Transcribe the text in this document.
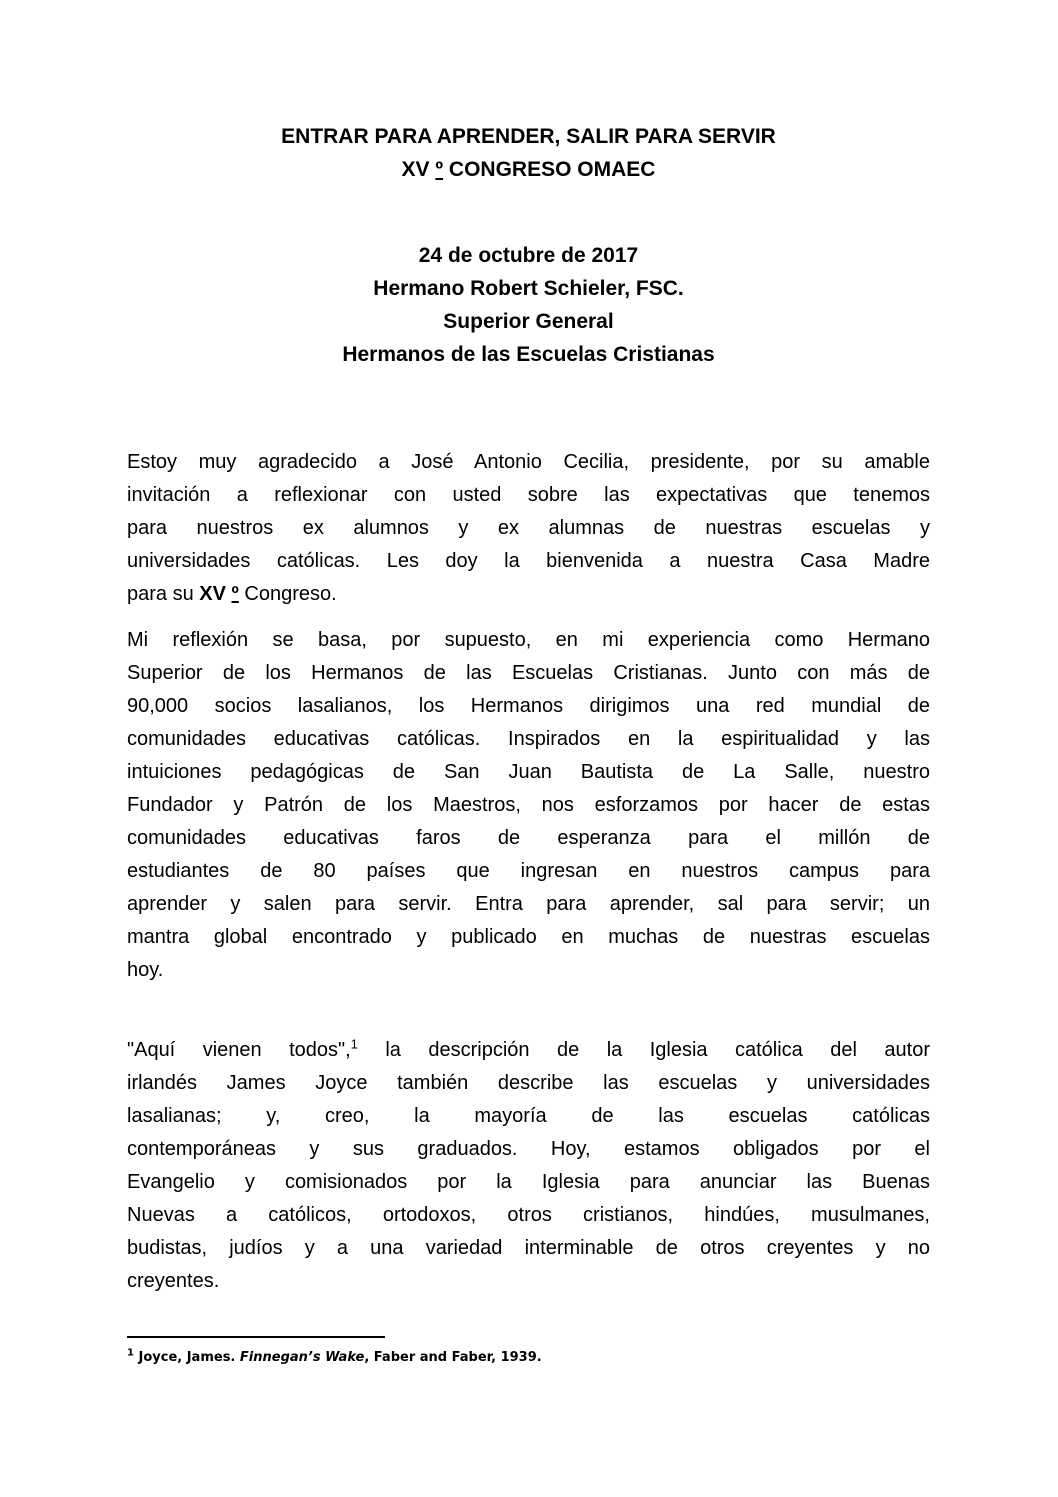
ENTRAR PARA APRENDER, SALIR PARA SERVIR
XV º CONGRESO OMAEC
24 de octubre de 2017
Hermano Robert Schieler, FSC.
Superior General
Hermanos de las Escuelas Cristianas
Estoy muy agradecido a José Antonio Cecilia, presidente, por su amable
invitación a reflexionar con usted sobre las expectativas que tenemos
para nuestros ex alumnos y ex alumnas de nuestras escuelas y
universidades católicas. Les doy la bienvenida a nuestra Casa Madre
para su XV º Congreso.
Mi reflexión se basa, por supuesto, en mi experiencia como Hermano
Superior de los Hermanos de las Escuelas Cristianas. Junto con más de
90,000 socios lasalianos, los Hermanos dirigimos una red mundial de
comunidades educativas católicas. Inspirados en la espiritualidad y las
intuiciones pedagógicas de San Juan Bautista de La Salle, nuestro
Fundador y Patrón de los Maestros, nos esforzamos por hacer de estas
comunidades educativas faros de esperanza para el millón de
estudiantes de 80 países que ingresan en nuestros campus para
aprender y salen para servir. Entra para aprender, sal para servir; un
mantra global encontrado y publicado en muchas de nuestras escuelas
hoy.
"Aquí vienen todos",$^1$ la descripción de la Iglesia católica del autor
irlandés James Joyce también describe las escuelas y universidades
lasalianas; y, creo, la mayoría de las escuelas católicas
contemporáneas y sus graduados. Hoy, estamos obligados por el
Evangelio y comisionados por la Iglesia para anunciar las Buenas
Nuevas a católicos, ortodoxos, otros cristianos, hindúes, musulmanes,
budistas, judíos y a una variedad interminable de otros creyentes y no
creyentes.
$^1$ Joyce, James. Finnegan’s Wake, Faber and Faber, 1939.
